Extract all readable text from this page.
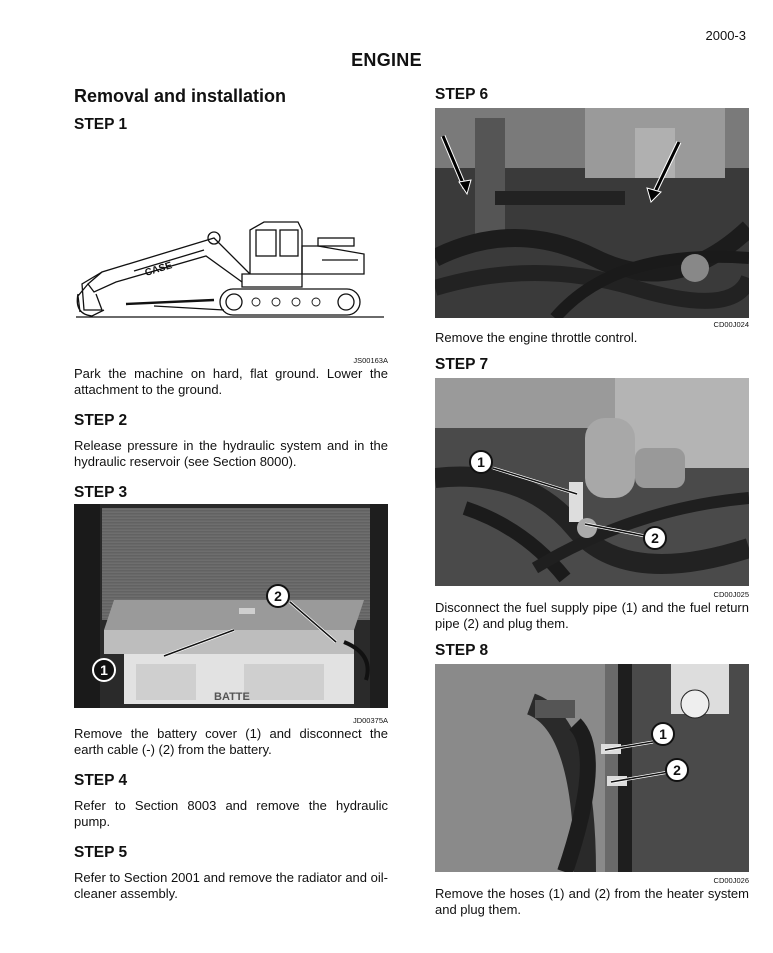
2000-3
ENGINE
Removal and installation
STEP 1
CASE
JS00163A
Park the machine on hard, flat ground. Lower the attachment to the ground.
STEP 2
Release pressure in the hydraulic system and in the hydraulic reservoir (see Section 8000).
STEP 3
BATTE
1
2
JD00375A
Remove the battery cover (1) and disconnect the earth cable (-) (2) from the battery.
STEP 4
Refer to Section 8003 and remove the hydraulic pump.
STEP 5
Refer to Section 2001 and remove the radiator and oil-cleaner assembly.
STEP 6
CD00J024
Remove the engine throttle control.
STEP 7
1
2
CD00J025
Disconnect the fuel supply pipe (1) and the fuel return pipe (2) and plug them.
STEP 8
1
2
CD00J026
Remove the hoses (1) and (2) from the heater system and plug them.
